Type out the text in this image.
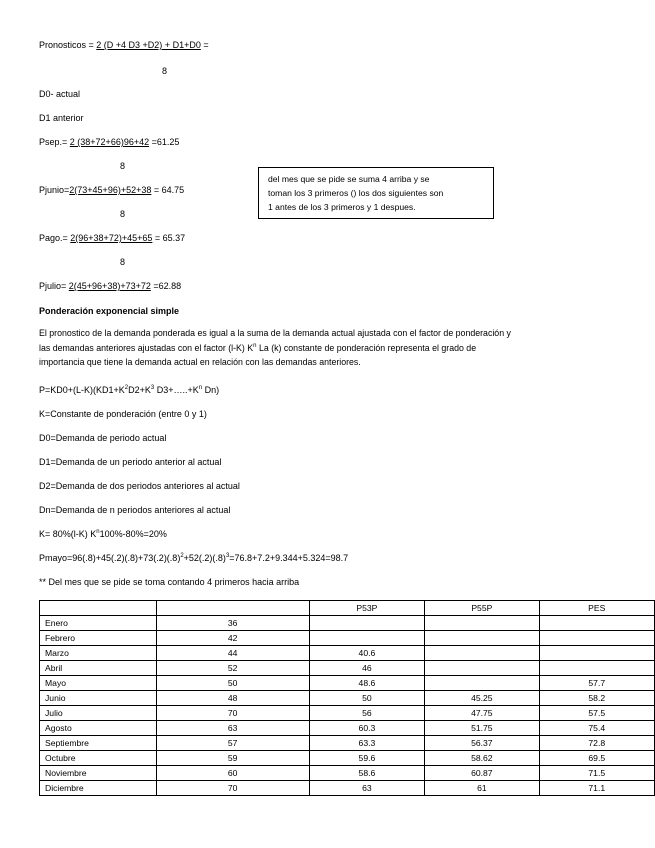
Pronosticos = 2 (D +4 D3 +D2) + D1+D0 =
8
D0- actual
D1 anterior
Psep.= 2 (38+72+66)96+42 =61.25
8
Pjunio=2(73+45+96)+52+38 = 64.75
8
Pago.= 2(96+38+72)+45+65 = 65.37
8
Pjulio= 2(45+96+38)+73+72 =62.88
del mes que se pide se suma 4 arriba y se
toman los 3 primeros () los dos siguientes son
1 antes de los 3 primeros y 1 despues.
Ponderación exponencial simple
El pronostico de la demanda ponderada es igual a la suma de la demanda actual ajustada con el factor de ponderación y
las demandas anteriores ajustadas con el factor (l-K) $K^n$ La (k) constante de ponderación representa el grado de
importancia que tiene la demanda actual en relación con las demandas anteriores.
$P=KD0+(L-K)(KD1+K^2D2+K^3$ $D3+\dots..+K^n$ Dn)
K=Constante de ponderación (entre 0 y 1)
D0=Demanda de periodo actual
D1=Demanda de un periodo anterior al actual
D2=Demanda de dos periodos anteriores al actual
Dn=Demanda de n periodos anteriores al actual
K= 80%(l-K) $K^n100\%-80\%=20\%$
$Pmayo=96(.8)+45(.2)(.8)+73(.2)(.8)^2+52(.2)(.8)^3=76.8+7.2+9.344+5.324=98.7$
** Del mes que se pide se toma contando 4 primeros hacia arriba
		P53P	P55P	PES
Enero	36			
Febrero	42			
Marzo	44	40.6		
Abril	52	46		
Mayo	50	48.6		57.7
Junio	48	50	45.25	58.2
Julio	70	56	47.75	57.5
Agosto	63	60.3	51.75	75.4
Septiembre	57	63.3	56.37	72.8
Octubre	59	59.6	58.62	69.5
Noviembre	60	58.6	60.87	71.5
Diciembre	70	63	61	71.1
